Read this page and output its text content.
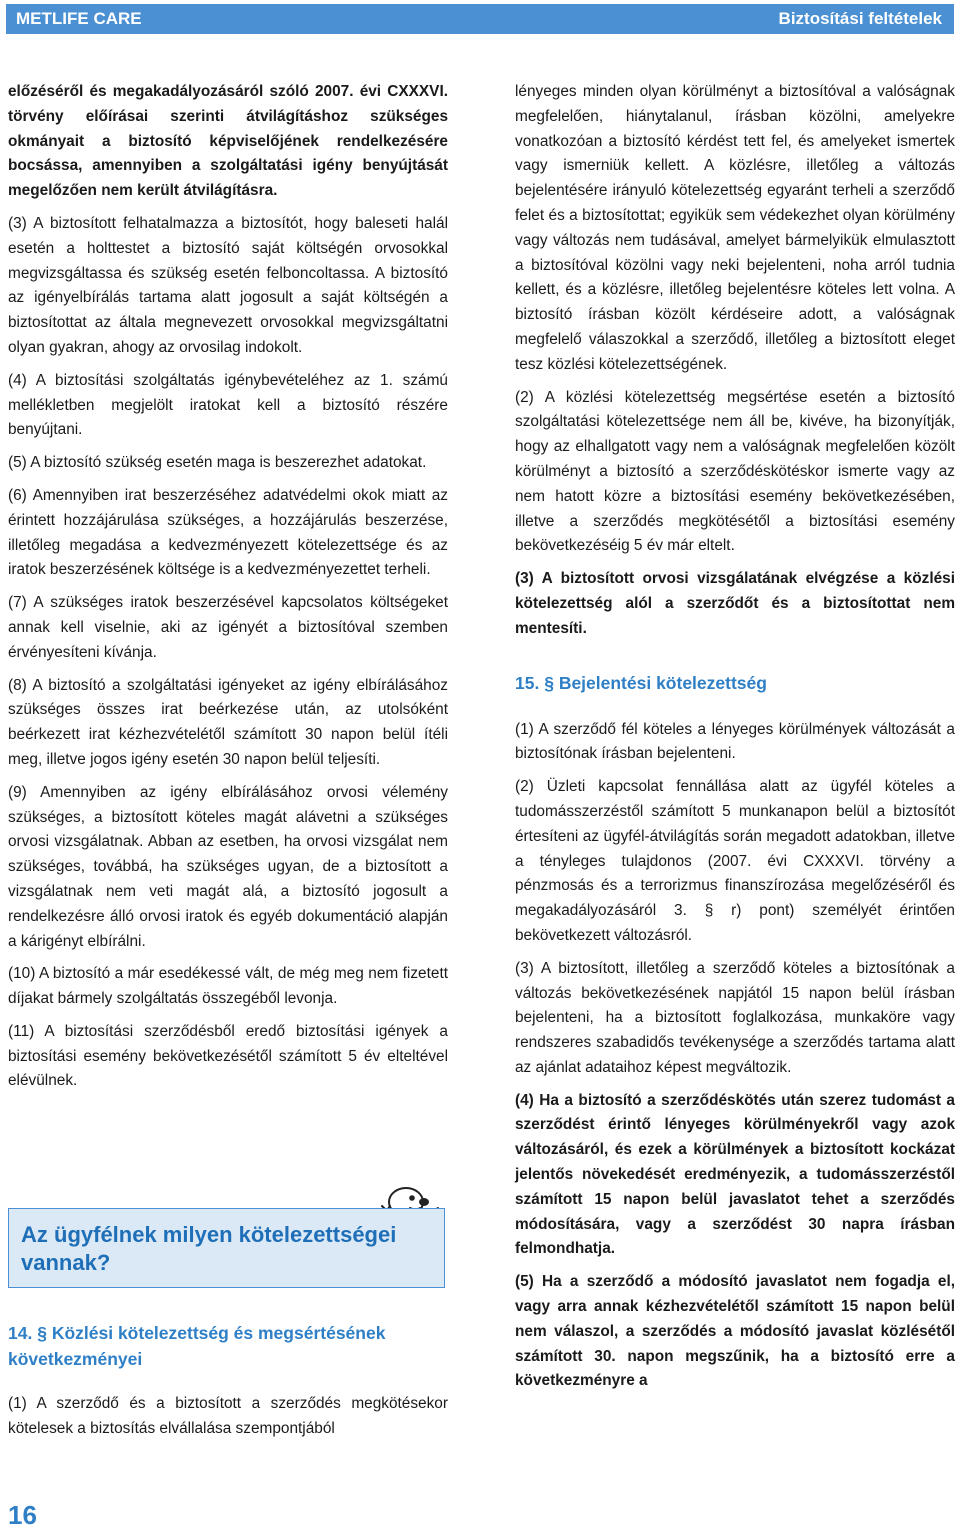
METLIFE CARE	Biztosítási feltételek

előzéséről és megakadályozásáról szóló 2007. évi CXXXVI. törvény előírásai szerinti átvilágításhoz szükséges okmányait a biztosító képviselőjének rendelkezésére bocsássa, amennyiben a szolgáltatási igény benyújtását megelőzően nem került átvilágításra.

(3) A biztosított felhatalmazza a biztosítót, hogy baleseti halál esetén a holttestet a biztosító saját költségén orvosokkal megvizsgáltassa és szükség esetén felboncoltassa. A biztosító az igényelbírálás tartama alatt jogosult a saját költségén a biztosítottat az általa megnevezett orvosokkal megvizsgáltatni olyan gyakran, ahogy az orvosilag indokolt.

(4) A biztosítási szolgáltatás igénybevételéhez az 1. számú mellékletben megjelölt iratokat kell a biztosító részére benyújtani.

(5) A biztosító szükség esetén maga is beszerezhet adatokat.

(6) Amennyiben irat beszerzéséhez adatvédelmi okok miatt az érintett hozzájárulása szükséges, a hozzájárulás beszerzése, illetőleg megadása a kedvezményezett kötelezettsége és az iratok beszerzésének költsége is a kedvezményezettet terheli.

(7) A szükséges iratok beszerzésével kapcsolatos költségeket annak kell viselnie, aki az igényét a biztosítóval szemben érvényesíteni kívánja.

(8) A biztosító a szolgáltatási igényeket az igény elbírálásához szükséges összes irat beérkezése után, az utolsóként beérkezett irat kézhezvételétől számított 30 napon belül ítéli meg, illetve jogos igény esetén 30 napon belül teljesíti.

(9) Amennyiben az igény elbírálásához orvosi vélemény szükséges, a biztosított köteles magát alávetni a szükséges orvosi vizsgálatnak. Abban az esetben, ha orvosi vizsgálat nem szükséges, továbbá, ha szükséges ugyan, de a biztosított a vizsgálatnak nem veti magát alá, a biztosító jogosult a rendelkezésre álló orvosi iratok és egyéb dokumentáció alapján a kárigényt elbírálni.

(10) A biztosító a már esedékessé vált, de még meg nem fizetett díjakat bármely szolgáltatás összegéből levonja.

(11) A biztosítási szerződésből eredő biztosítási igények a biztosítási esemény bekövetkezésétől számított 5 év elteltével elévülnek.

Az ügyfélnek milyen kötelezettségei vannak?

14. § Közlési kötelezettség és megsértésének következményei

(1) A szerződő és a biztosított a szerződés megkötésekor kötelesek a biztosítás elvállalása szempontjából

lényeges minden olyan körülményt a biztosítóval a valóságnak megfelelően, hiánytalanul, írásban közölni, amelyekre vonatkozóan a biztosító kérdést tett fel, és amelyeket ismertek vagy ismerniük kellett. A közlésre, illetőleg a változás bejelentésére irányuló kötelezettség egyaránt terheli a szerződő felet és a biztosítottat; egyikük sem védekezhet olyan körülmény vagy változás nem tudásával, amelyet bármelyikük elmulasztott a biztosítóval közölni vagy neki bejelenteni, noha arról tudnia kellett, és a közlésre, illetőleg bejelentésre köteles lett volna. A biztosító írásban közölt kérdéseire adott, a valóságnak megfelelő válaszokkal a szerződő, illetőleg a biztosított eleget tesz közlési kötelezettségének.

(2) A közlési kötelezettség megsértése esetén a biztosító szolgáltatási kötelezettsége nem áll be, kivéve, ha bizonyítják, hogy az elhallgatott vagy nem a valóságnak megfelelően közölt körülményt a biztosító a szerződéskötéskor ismerte vagy az nem hatott közre a biztosítási esemény bekövetkezésében, illetve a szerződés megkötésétől a biztosítási esemény bekövetkezéséig 5 év már eltelt.

(3) A biztosított orvosi vizsgálatának elvégzése a közlési kötelezettség alól a szerződőt és a biztosítottat nem mentesíti.

15. § Bejelentési kötelezettség

(1) A szerződő fél köteles a lényeges körülmények változását a biztosítónak írásban bejelenteni.

(2) Üzleti kapcsolat fennállása alatt az ügyfél köteles a tudomásszerzéstől számított 5 munkanapon belül a biztosítót értesíteni az ügyfél-átvilágítás során megadott adatokban, illetve a tényleges tulajdonos (2007. évi CXXXVI. törvény a pénzmosás és a terrorizmus finanszírozása megelőzéséről és megakadályozásáról 3. § r) pont) személyét érintően bekövetkezett változásról.

(3) A biztosított, illetőleg a szerződő köteles a biztosítónak a változás bekövetkezésének napjától 15 napon belül írásban bejelenteni, ha a biztosított foglalkozása, munkaköre vagy rendszeres szabadidős tevékenysége a szerződés tartama alatt az ajánlat adataihoz képest megváltozik.

(4) Ha a biztosító a szerződéskötés után szerez tudomást a szerződést érintő lényeges körülményekről vagy azok változásáról, és ezek a körülmények a biztosított kockázat jelentős növekedését eredményezik, a tudomásszerzéstől számított 15 napon belül javaslatot tehet a szerződés módosítására, vagy a szerződést 30 napra írásban felmondhatja.

(5) Ha a szerződő a módosító javaslatot nem fogadja el, vagy arra annak kézhezvételétől számított 15 napon belül nem válaszol, a szerződés a módosító javaslat közlésétől számított 30. napon megszűnik, ha a biztosító erre a következményre a

16
